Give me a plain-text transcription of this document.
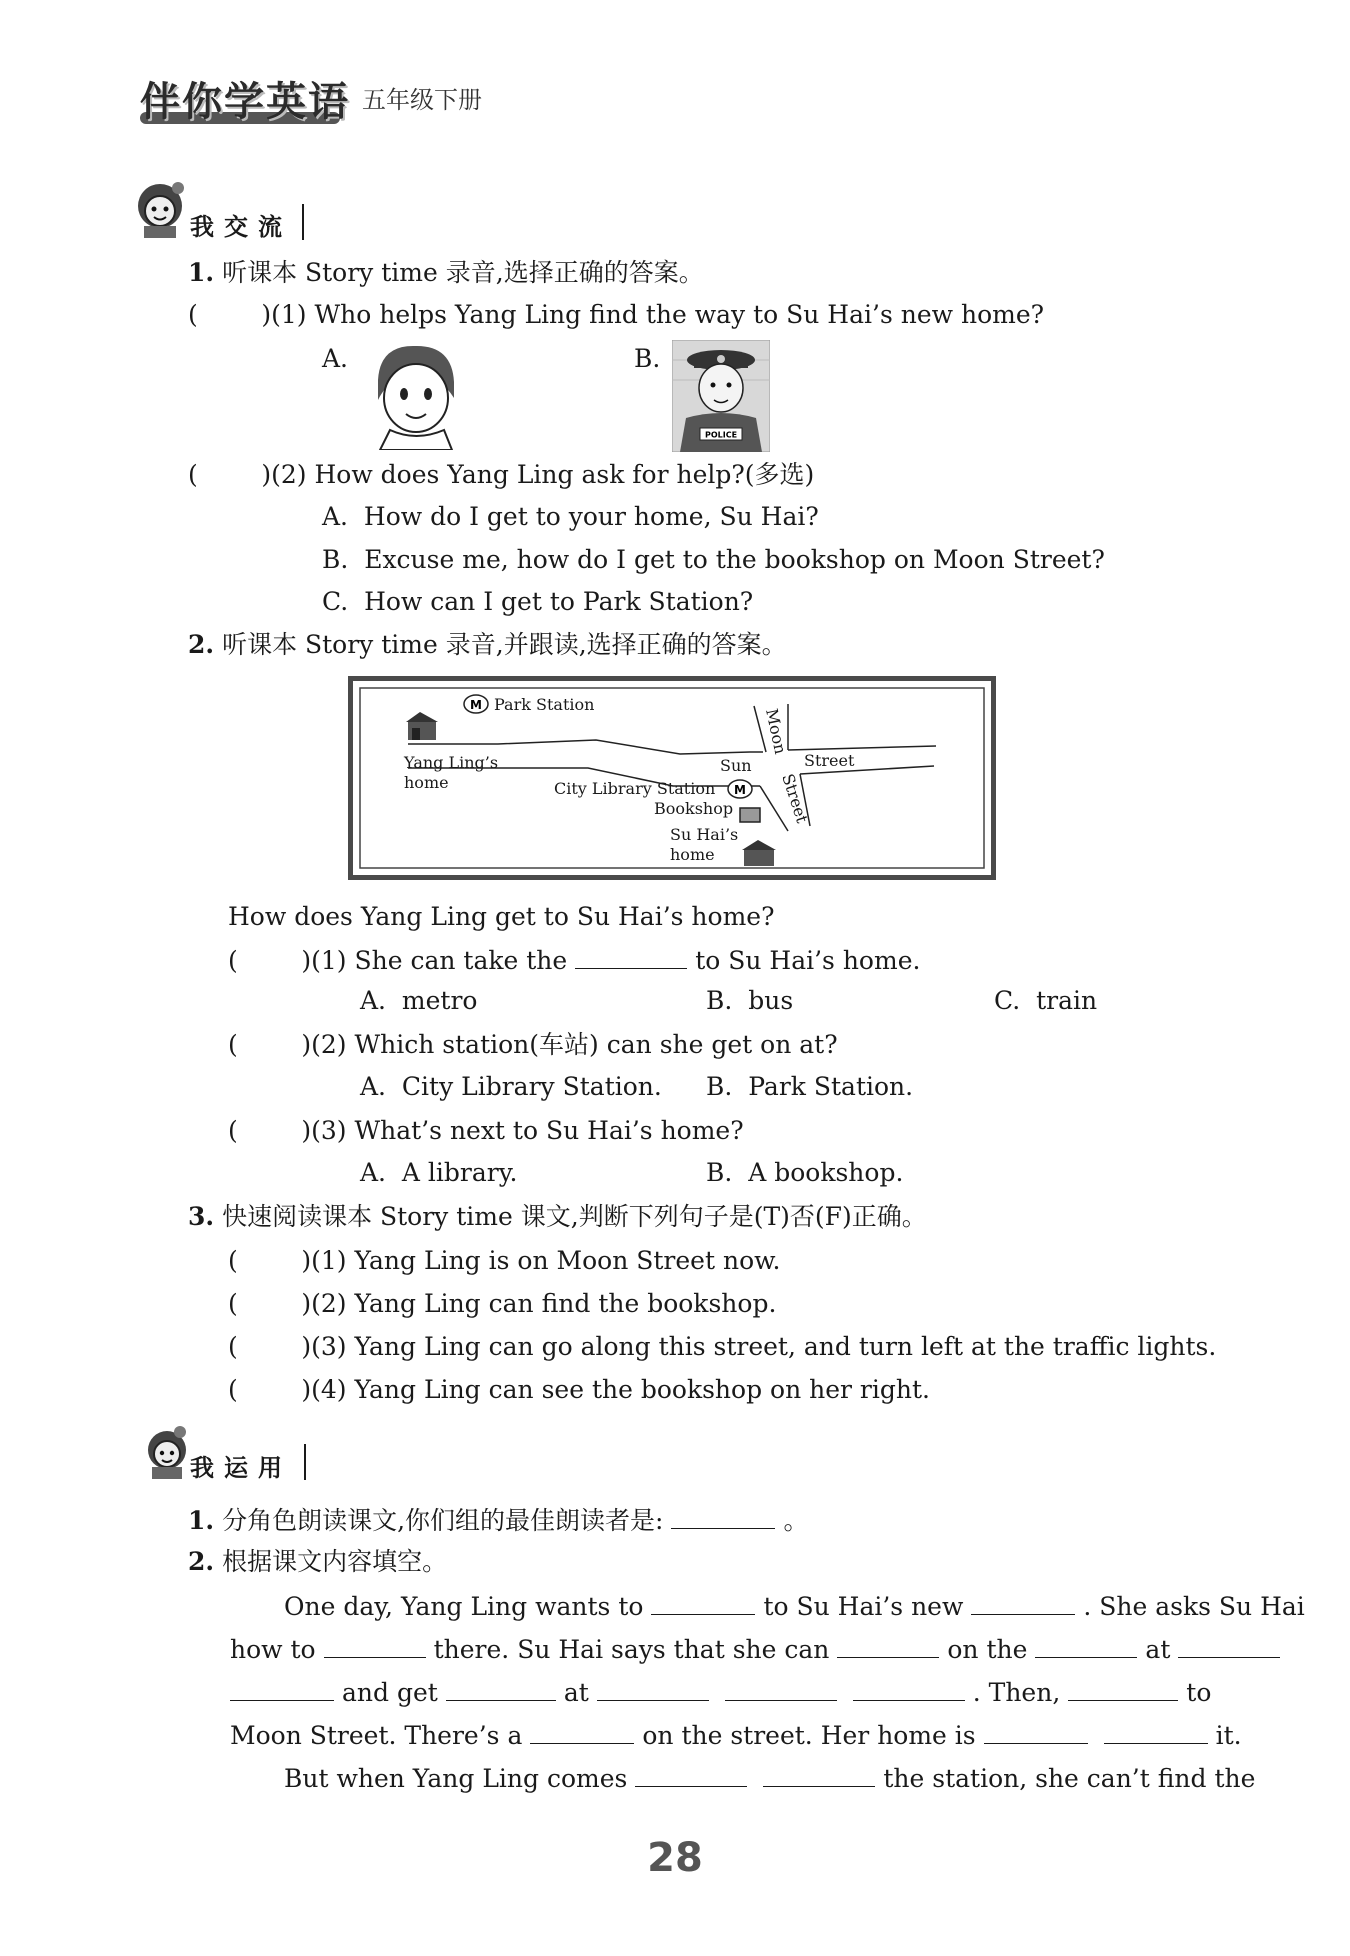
伴你学英语 五年级下册
我交流
1. 听课本 Story time 录音,选择正确的答案。
(        )(1) Who helps Yang Ling find the way to Su Hai’s new home?
A.	B.
POLICE
(        )(2) How does Yang Ling ask for help?(多选)
A.  How do I get to your home, Su Hai?
B.  Excuse me, how do I get to the bookshop on Moon Street?
C.  How can I get to Park Station?
2. 听课本 Story time 录音,并跟读,选择正确的答案。
M
M
Park Station
Yang Ling’s
home
Sun	Street
Moon
Street
City Library Station
Bookshop
Su Hai’s
home
How does Yang Ling get to Su Hai’s home?
(        )(1) She can take the	to Su Hai’s home.
A.  metro	B.  bus	C.  train
(        )(2) Which station(车站) can she get on at?
A.  City Library Station. B.  Park Station.
(        )(3) What’s next to Su Hai’s home?
A.  A library.	B.  A bookshop.
3. 快速阅读课本 Story time 课文,判断下列句子是(T)否(F)正确。
(        )(1) Yang Ling is on Moon Street now.
(        )(2) Yang Ling can find the bookshop.
(        )(3) Yang Ling can go along this street, and turn left at the traffic lights.
(        )(4) Yang Ling can see the bookshop on her right.
我运用
1. 分角色朗读课文,你们组的最佳朗读者是:	。
2. 根据课文内容填空。
One day, Yang Ling wants to	to Su Hai’s new	. She asks Su Hai
how to	there. Su Hai says that she can	on the	at
and get	at	. Then,	to
Moon Street. There’s a	on the street. Her home is	it.
But when Yang Ling comes	the station, she can’t find the
28
